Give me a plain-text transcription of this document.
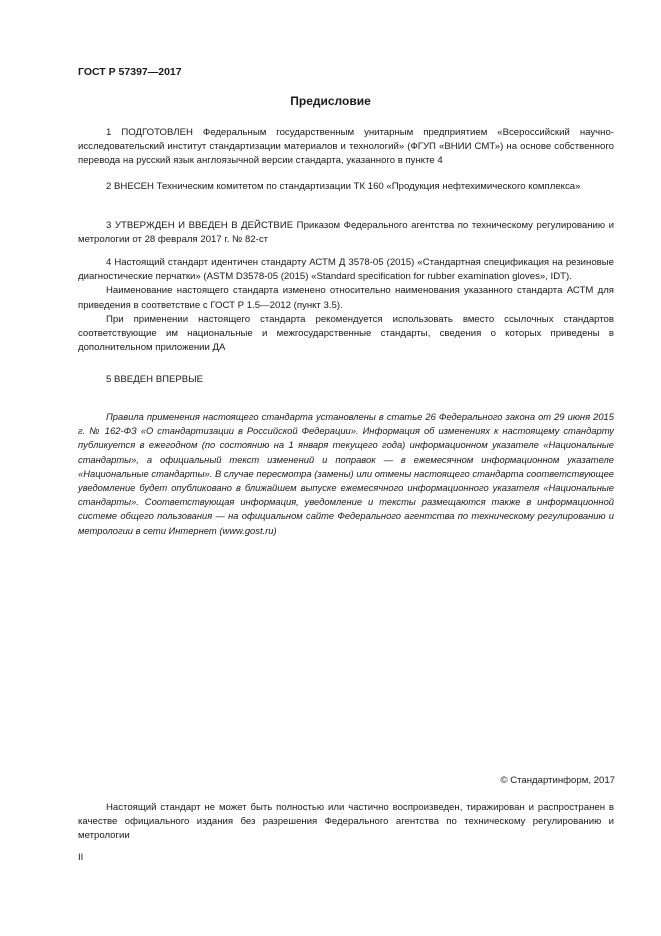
ГОСТ Р 57397—2017
Предисловие

1 ПОДГОТОВЛЕН Федеральным государственным унитарным предприятием «Всероссийский научно-исследовательский институт стандартизации материалов и технологий» (ФГУП «ВНИИ СМТ») на основе собственного перевода на русский язык англоязычной версии стандарта, указанного в пункте 4

2 ВНЕСЕН Техническим комитетом по стандартизации ТК 160 «Продукция нефтехимического комплекса»

3 УТВЕРЖДЕН И ВВЕДЕН В ДЕЙСТВИЕ Приказом Федерального агентства по техническому регулированию и метрологии от 28 февраля 2017 г. № 82-ст

4 Настоящий стандарт идентичен стандарту АСТМ Д 3578-05 (2015) «Стандартная спецификация на резиновые диагностические перчатки» (ASTM D3578-05 (2015) «Standard specification for rubber examination gloves», IDT).

Наименование настоящего стандарта изменено относительно наименования указанного стандарта АСТМ для приведения в соответствие с ГОСТ Р 1.5—2012 (пункт 3.5).

При применении настоящего стандарта рекомендуется использовать вместо ссылочных стандартов соответствующие им национальные и межгосударственные стандарты, сведения о которых приведены в дополнительном приложении ДА

5 ВВЕДЕН ВПЕРВЫЕ

Правила применения настоящего стандарта установлены в статье 26 Федерального закона от 29 июня 2015 г. № 162-ФЗ «О стандартизации в Российской Федерации». Информация об изменениях к настоящему стандарту публикуется в ежегодном (по состоянию на 1 января текущего года) информационном указателе «Национальные стандарты», а официальный текст изменений и поправок — в ежемесячном информационном указателе «Национальные стандарты». В случае пересмотра (замены) или отмены настоящего стандарта соответствующее уведомление будет опубликовано в ближайшем выпуске ежемесячного информационного указателя «Национальные стандарты». Соответствующая информация, уведомление и тексты размещаются также в информационной системе общего пользования — на официальном сайте Федерального агентства по техническому регулированию и метрологии в сети Интернет (www.gost.ru)

© Стандартинформ, 2017

Настоящий стандарт не может быть полностью или частично воспроизведен, тиражирован и распространен в качестве официального издания без разрешения Федерального агентства по техническому регулированию и метрологии

II
